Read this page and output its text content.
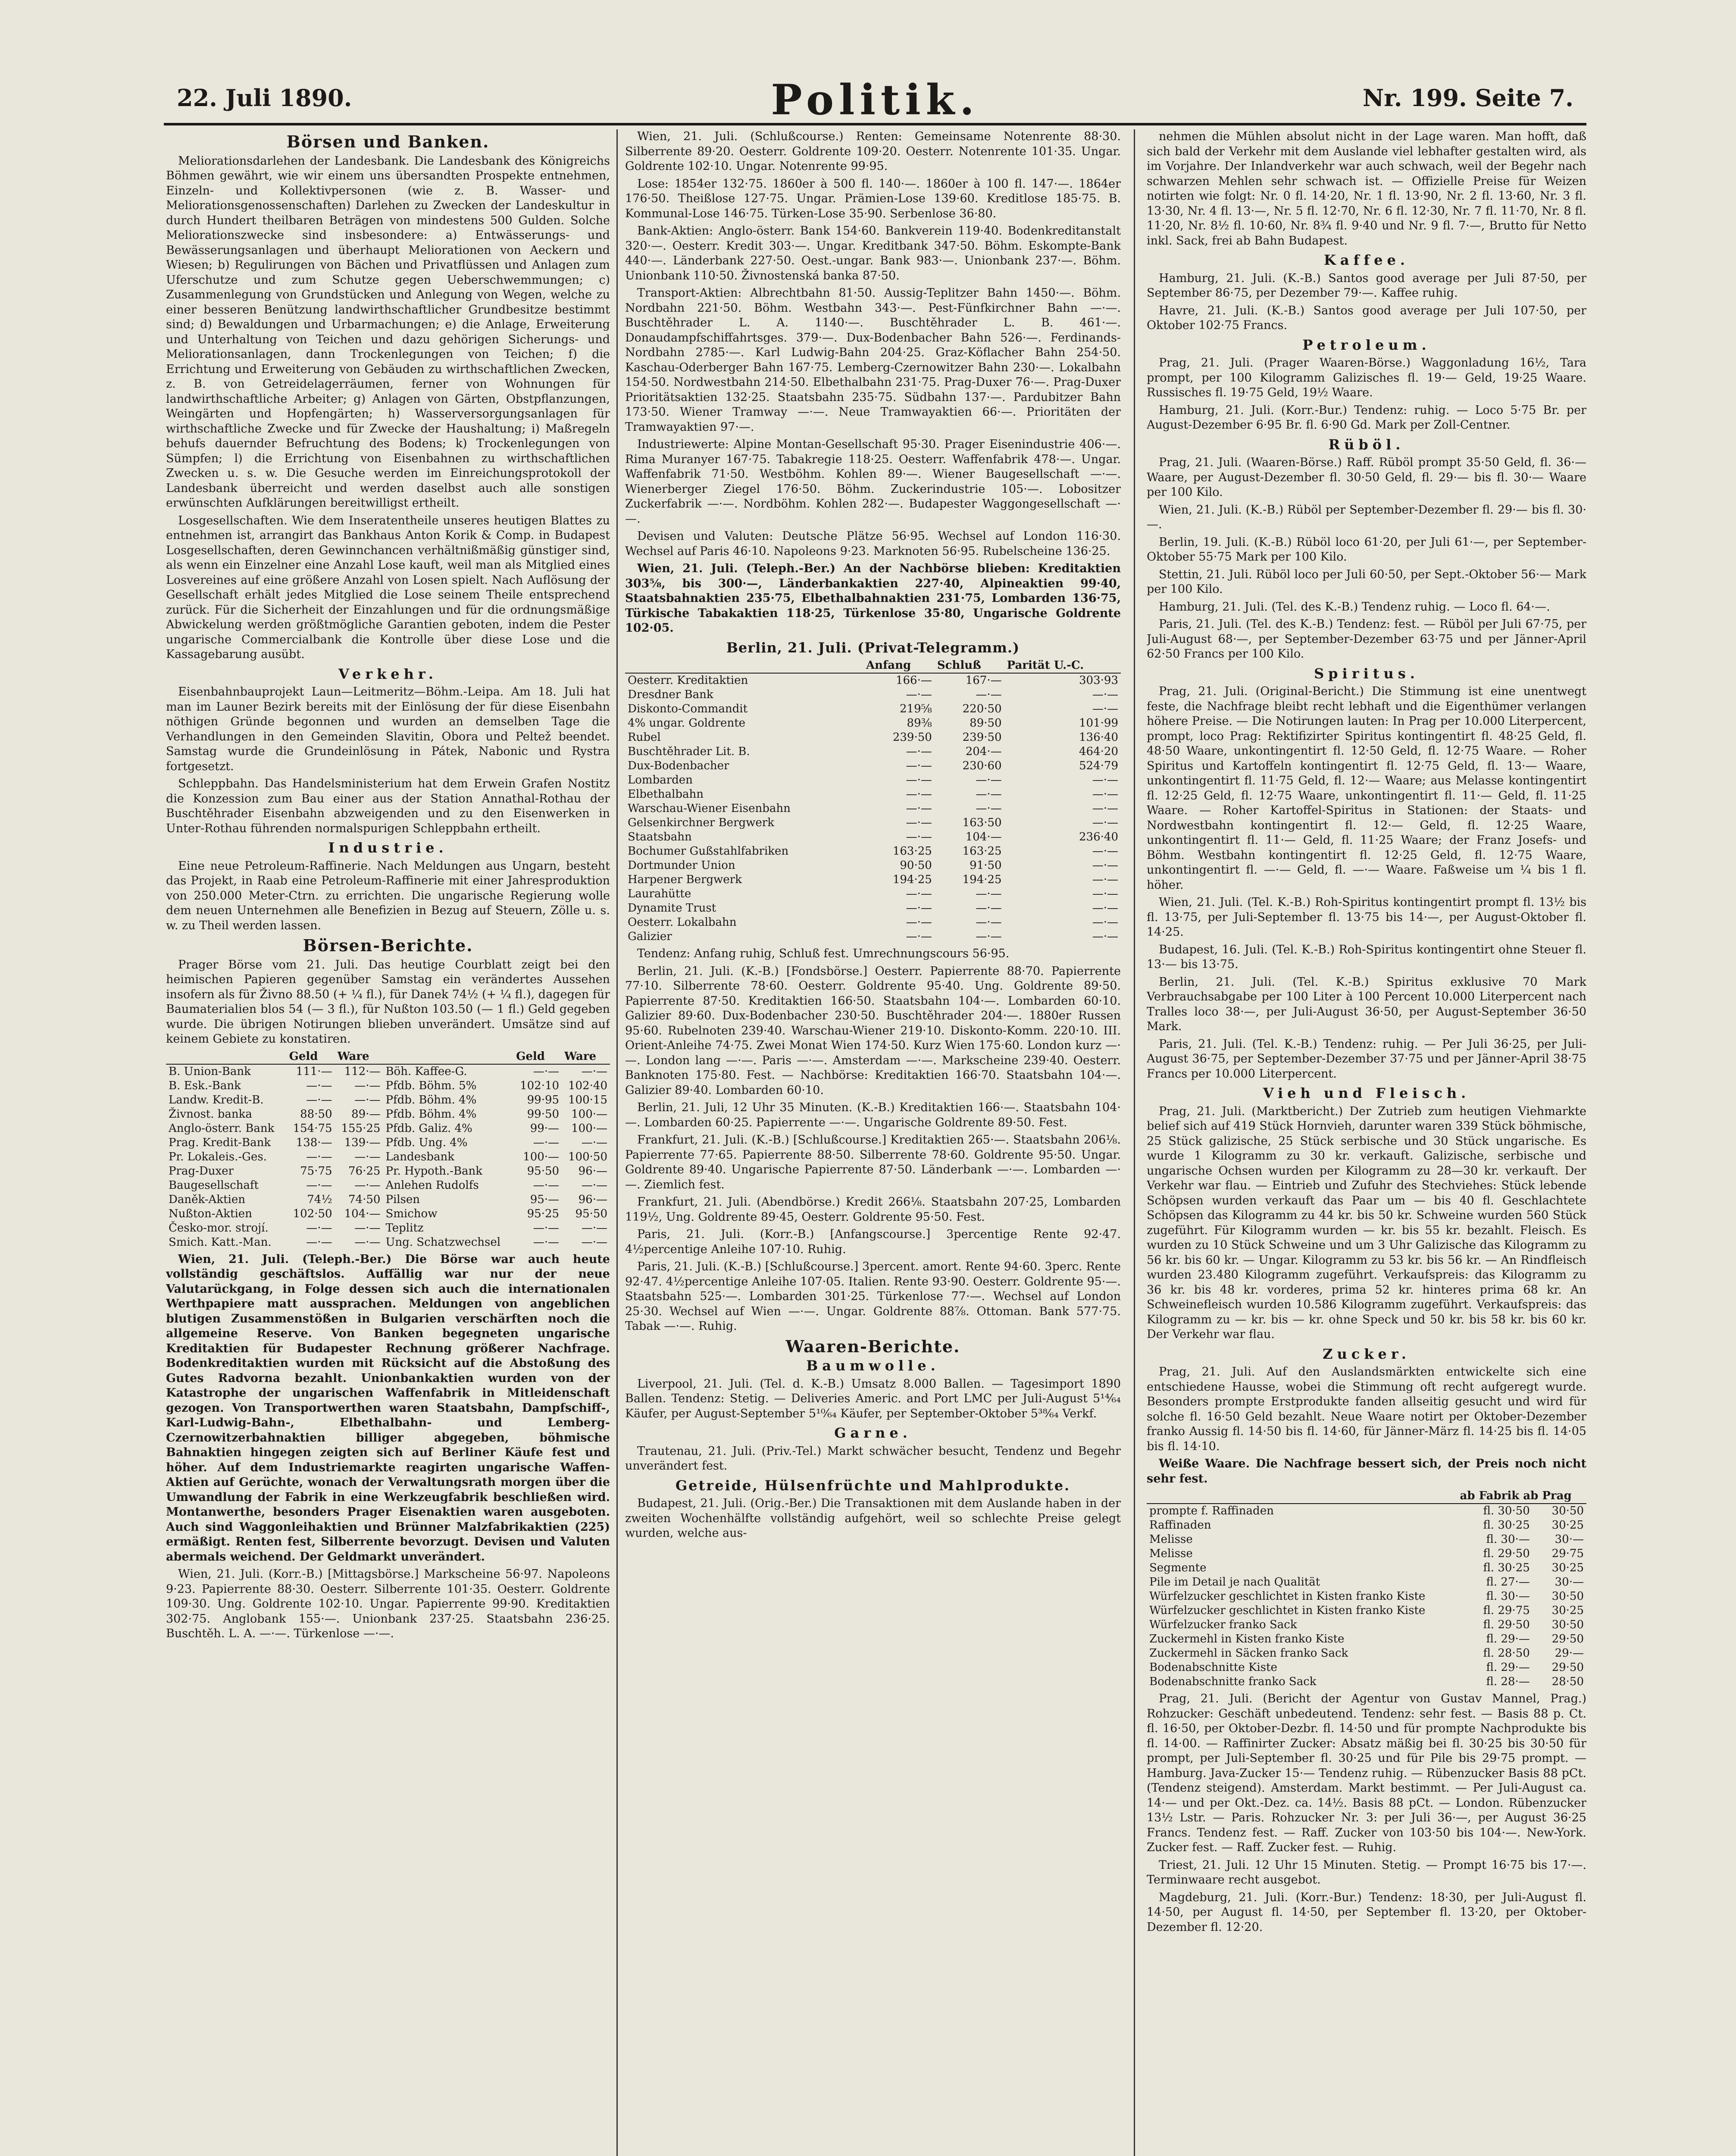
22. Juli 1890.	Politik.	Nr. 199. Seite 7.
Börsen und Banken.

Meliorationsdarlehen der Landesbank. Die Landesbank des Königreichs Böhmen gewährt, wie wir einem uns übersandten Prospekte entnehmen, Einzeln- und Kollektivpersonen (wie z. B. Wasser- und Meliorationsgenossenschaften) Darlehen zu Zwecken der Landeskultur in durch Hundert theilbaren Beträgen von mindestens 500 Gulden. Solche Meliorationszwecke sind insbesondere: a) Entwässerungs- und Bewässerungsanlagen und überhaupt Meliorationen von Aeckern und Wiesen; b) Regulirungen von Bächen und Privatflüssen und Anlagen zum Uferschutze und zum Schutze gegen Ueberschwemmungen; c) Zusammenlegung von Grundstücken und Anlegung von Wegen, welche zu einer besseren Benützung landwirthschaftlicher Grundbesitze bestimmt sind; d) Bewaldungen und Urbarmachungen; e) die Anlage, Erweiterung und Unterhaltung von Teichen und dazu gehörigen Sicherungs- und Meliorationsanlagen, dann Trockenlegungen von Teichen; f) die Errichtung und Erweiterung von Gebäuden zu wirthschaftlichen Zwecken, z. B. von Getreidelagerräumen, ferner von Wohnungen für landwirthschaftliche Arbeiter; g) Anlagen von Gärten, Obstpflanzungen, Weingärten und Hopfengärten; h) Wasserversorgungsanlagen für wirthschaftliche Zwecke und für Zwecke der Haushaltung; i) Maßregeln behufs dauernder Befruchtung des Bodens; k) Trockenlegungen von Sümpfen; l) die Errichtung von Eisenbahnen zu wirthschaftlichen Zwecken u. s. w. Die Gesuche werden im Einreichungsprotokoll der Landesbank überreicht und werden daselbst auch alle sonstigen erwünschten Aufklärungen bereitwilligst ertheilt.

Losgesellschaften. Wie dem Inseratentheile unseres heutigen Blattes zu entnehmen ist, arrangirt das Bankhaus Anton Korik & Comp. in Budapest Losgesellschaften, deren Gewinnchancen verhältnißmäßig günstiger sind, als wenn ein Einzelner eine Anzahl Lose kauft, weil man als Mitglied eines Losvereines auf eine größere Anzahl von Losen spielt. Nach Auflösung der Gesellschaft erhält jedes Mitglied die Lose seinem Theile entsprechend zurück. Für die Sicherheit der Einzahlungen und für die ordnungsmäßige Abwickelung werden größtmögliche Garantien geboten, indem die Pester ungarische Commercialbank die Kontrolle über diese Lose und die Kassagebarung ausübt.

Verkehr.

Eisenbahnbauprojekt Laun—Leitmeritz—Böhm.-Leipa. Am 18. Juli hat man im Launer Bezirk bereits mit der Einlösung der für diese Eisenbahn nöthigen Gründe begonnen und wurden an demselben Tage die Verhandlungen in den Gemeinden Slavitin, Obora und Peltež beendet. Samstag wurde die Grundeinlösung in Pátek, Nabonic und Rystra fortgesetzt.

Schleppbahn. Das Handelsministerium hat dem Erwein Grafen Nostitz die Konzession zum Bau einer aus der Station Annathal-Rothau der Buschtěhrader Eisenbahn abzweigenden und zu den Eisenwerken in Unter-Rothau führenden normalspurigen Schleppbahn ertheilt.

Industrie.

Eine neue Petroleum-Raffinerie. Nach Meldungen aus Ungarn, besteht das Projekt, in Raab eine Petroleum-Raffinerie mit einer Jahresproduktion von 250.000 Meter-Ctrn. zu errichten. Die ungarische Regierung wolle dem neuen Unternehmen alle Benefizien in Bezug auf Steuern, Zölle u. s. w. zu Theil werden lassen.

Börsen-Berichte.

Prager Börse vom 21. Juli. Das heutige Courblatt zeigt bei den heimischen Papieren gegenüber Samstag ein verändertes Aussehen insofern als für Živno 88.50 (+ ¼ fl.), für Danek 74½ (+ ¼ fl.), dagegen für Baumaterialien blos 54 (— 3 fl.), für Nußton 103.50 (— 1 fl.) Geld gegeben wurde. Die übrigen Notirungen blieben unverändert. Umsätze sind auf keinem Gebiete zu konstatiren.

	Geld	Ware		Geld	Ware
B. Union-Bank	111·—	112·—	Böh. Kaffee-G.	—·—	—·—
B. Esk.-Bank	—·—	—·—	Pfdb. Böhm. 5%	102·10	102·40
Landw. Kredit-B.	—·—	—·—	Pfdb. Böhm. 4%	99·95	100·15
Živnost. banka	88·50	89·—	Pfdb. Böhm. 4%	99·50	100·—
Anglo-österr. Bank	154·75	155·25	Pfdb. Galiz. 4%	99·—	100·—
Prag. Kredit-Bank	138·—	139·—	Pfdb. Ung. 4%	—·—	—·—
Pr. Lokaleis.-Ges.	—·—	—·—	Landesbank	100·—	100·50
Prag-Duxer	75·75	76·25	Pr. Hypoth.-Bank	95·50	96·—
Baugesellschaft	—·—	—·—	Anlehen Rudolfs	—·—	—·—
Daněk-Aktien	74½	74·50	Pilsen	95·—	96·—
Nußton-Aktien	102·50	104·—	Smichow	95·25	95·50
Česko-mor. strojí.	—·—	—·—	Teplitz	—·—	—·—
Smich. Katt.-Man.	—·—	—·—	Ung. Schatzwechsel	—·—	—·—

Wien, 21. Juli. (Teleph.-Ber.) Die Börse war auch heute vollständig geschäftslos. Auffällig war nur der neue Valutarückgang, in Folge dessen sich auch die internationalen Werthpapiere matt aussprachen. Meldungen von angeblichen blutigen Zusammenstößen in Bulgarien verschärften noch die allgemeine Reserve. Von Banken begegneten ungarische Kreditaktien für Budapester Rechnung größerer Nachfrage. Bodenkreditaktien wurden mit Rücksicht auf die Abstoßung des Gutes Radvorna bezahlt. Unionbankaktien wurden von der Katastrophe der ungarischen Waffenfabrik in Mitleidenschaft gezogen. Von Transportwerthen waren Staatsbahn, Dampfschiff-, Karl-Ludwig-Bahn-, Elbethalbahn- und Lemberg-Czernowitzerbahnaktien billiger abgegeben, böhmische Bahnaktien hingegen zeigten sich auf Berliner Käufe fest und höher. Auf dem Industriemarkte reagirten ungarische Waffen-Aktien auf Gerüchte, wonach der Verwaltungsrath morgen über die Umwandlung der Fabrik in eine Werkzeugfabrik beschließen wird. Montanwerthe, besonders Prager Eisenaktien waren ausgeboten. Auch sind Waggonleihaktien und Brünner Malzfabrikaktien (225) ermäßigt. Renten fest, Silberrente bevorzugt. Devisen und Valuten abermals weichend. Der Geldmarkt unverändert.

Wien, 21. Juli. (Korr.-B.) [Mittagsbörse.] Markscheine 56·97. Napoleons 9·23. Papierrente 88·30. Oesterr. Silberrente 101·35. Oesterr. Goldrente 109·30. Ung. Goldrente 102·10. Ungar. Papierrente 99·90. Kreditaktien 302·75. Anglobank 155·—. Unionbank 237·25. Staatsbahn 236·25. Buschtěh. L. A. —·—. Türkenlose —·—.

Wien, 21. Juli. (Schlußcourse.) Renten: Gemeinsame Notenrente 88·30. Silberrente 89·20. Oesterr. Goldrente 109·20. Oesterr. Notenrente 101·35. Ungar. Goldrente 102·10. Ungar. Notenrente 99·95.

Lose: 1854er 132·75. 1860er à 500 fl. 140·—. 1860er à 100 fl. 147·—. 1864er 176·50. Theißlose 127·75. Ungar. Prämien-Lose 139·60. Kreditlose 185·75. B. Kommunal-Lose 146·75. Türken-Lose 35·90. Serbenlose 36·80.

Bank-Aktien: Anglo-österr. Bank 154·60. Bankverein 119·40. Bodenkreditanstalt 320·—. Oesterr. Kredit 303·—. Ungar. Kreditbank 347·50. Böhm. Eskompte-Bank 440·—. Länderbank 227·50. Oest.-ungar. Bank 983·—. Unionbank 237·—. Böhm. Unionbank 110·50. Živnostenská banka 87·50.

Transport-Aktien: Albrechtbahn 81·50. Aussig-Teplitzer Bahn 1450·—. Böhm. Nordbahn 221·50. Böhm. Westbahn 343·—. Pest-Fünfkirchner Bahn —·—. Buschtěhrader L. A. 1140·—. Buschtěhrader L. B. 461·—. Donaudampfschiffahrtsges. 379·—. Dux-Bodenbacher Bahn 526·—. Ferdinands-Nordbahn 2785·—. Karl Ludwig-Bahn 204·25. Graz-Köflacher Bahn 254·50. Kaschau-Oderberger Bahn 167·75. Lemberg-Czernowitzer Bahn 230·—. Lokalbahn 154·50. Nordwestbahn 214·50. Elbethalbahn 231·75. Prag-Duxer 76·—. Prag-Duxer Prioritätsaktien 132·25. Staatsbahn 235·75. Südbahn 137·—. Pardubitzer Bahn 173·50. Wiener Tramway —·—. Neue Tramwayaktien 66·—. Prioritäten der Tramwayaktien 97·—.

Industriewerte: Alpine Montan-Gesellschaft 95·30. Prager Eisenindustrie 406·—. Rima Muranyer 167·75. Tabakregie 118·25. Oesterr. Waffenfabrik 478·—. Ungar. Waffenfabrik 71·50. Westböhm. Kohlen 89·—. Wiener Baugesellschaft —·—. Wienerberger Ziegel 176·50. Böhm. Zuckerindustrie 105·—. Lobositzer Zuckerfabrik —·—. Nordböhm. Kohlen 282·—. Budapester Waggongesellschaft —·—.

Devisen und Valuten: Deutsche Plätze 56·95. Wechsel auf London 116·30. Wechsel auf Paris 46·10. Napoleons 9·23. Marknoten 56·95. Rubelscheine 136·25.

Wien, 21. Juli. (Teleph.-Ber.) An der Nachbörse blieben: Kreditaktien 303⅝, bis 300·—, Länderbankaktien 227·40, Alpineaktien 99·40, Staatsbahnaktien 235·75, Elbethalbahnaktien 231·75, Lombarden 136·75, Türkische Tabakaktien 118·25, Türkenlose 35·80, Ungarische Goldrente 102·05.

Berlin, 21. Juli. (Privat-Telegramm.)
	Anfang	Schluß	Parität U.-C.
Oesterr. Kreditaktien	166·—	167·—	303·93
Dresdner Bank	—·—	—·—	—·—
Diskonto-Commandit	219⅝	220·50	—·—
4% ungar. Goldrente	89⅜	89·50	101·99
Rubel	239·50	239·50	136·40
Buschtěhrader Lit. B.	—·—	204·—	464·20
Dux-Bodenbacher	—·—	230·60	524·79
Lombarden	—·—	—·—	—·—
Elbethalbahn	—·—	—·—	—·—
Warschau-Wiener Eisenbahn	—·—	—·—	—·—
Gelsenkirchner Bergwerk	—·—	163·50	—·—
Staatsbahn	—·—	104·—	236·40
Bochumer Gußstahlfabriken	163·25	163·25	—·—
Dortmunder Union	90·50	91·50	—·—
Harpener Bergwerk	194·25	194·25	—·—
Laurahütte	—·—	—·—	—·—
Dynamite Trust	—·—	—·—	—·—
Oesterr. Lokalbahn	—·—	—·—	—·—
Galizier	—·—	—·—	—·—

Tendenz: Anfang ruhig, Schluß fest. Umrechnungscours 56·95.

Berlin, 21. Juli. (K.-B.) [Fondsbörse.] Oesterr. Papierrente 88·70. Papierrente 77·10. Silberrente 78·60. Oesterr. Goldrente 95·40. Ung. Goldrente 89·50. Papierrente 87·50. Kreditaktien 166·50. Staatsbahn 104·—. Lombarden 60·10. Galizier 89·60. Dux-Bodenbacher 230·50. Buschtěhrader 204·—. 1880er Russen 95·60. Rubelnoten 239·40. Warschau-Wiener 219·10. Diskonto-Komm. 220·10. III. Orient-Anleihe 74·75. Zwei Monat Wien 174·50. Kurz Wien 175·60. London kurz —·—. London lang —·—. Paris —·—. Amsterdam —·—. Markscheine 239·40. Oesterr. Banknoten 175·80. Fest. — Nachbörse: Kreditaktien 166·70. Staatsbahn 104·—. Galizier 89·40. Lombarden 60·10.

Berlin, 21. Juli, 12 Uhr 35 Minuten. (K.-B.) Kreditaktien 166·—. Staatsbahn 104·—. Lombarden 60·25. Papierrente —·—. Ungarische Goldrente 89·50. Fest.

Frankfurt, 21. Juli. (K.-B.) [Schlußcourse.] Kreditaktien 265·—. Staatsbahn 206⅛. Papierrente 77·65. Papierrente 88·50. Silberrente 78·60. Goldrente 95·50. Ungar. Goldrente 89·40. Ungarische Papierrente 87·50. Länderbank —·—. Lombarden —·—. Ziemlich fest.

Frankfurt, 21. Juli. (Abendbörse.) Kredit 266⅛. Staatsbahn 207·25, Lombarden 119½, Ung. Goldrente 89·45, Oesterr. Goldrente 95·50. Fest.

Paris, 21. Juli. (Korr.-B.) [Anfangscourse.] 3percentige Rente 92·47. 4½percentige Anleihe 107·10. Ruhig.

Paris, 21. Juli. (K.-B.) [Schlußcourse.] 3percent. amort. Rente 94·60. 3perc. Rente 92·47. 4½percentige Anleihe 107·05. Italien. Rente 93·90. Oesterr. Goldrente 95·—. Staatsbahn 525·—. Lombarden 301·25. Türkenlose 77·—. Wechsel auf London 25·30. Wechsel auf Wien —·—. Ungar. Goldrente 88⅞. Ottoman. Bank 577·75. Tabak —·—. Ruhig.

Waaren-Berichte.
Baumwolle.

Liverpool, 21. Juli. (Tel. d. K.-B.) Umsatz 8.000 Ballen. — Tagesimport 1890 Ballen. Tendenz: Stetig. — Deliveries Americ. and Port LMC per Juli-August 5¹⁴⁄₆₄ Käufer, per August-September 5¹⁰⁄₆₄ Käufer, per September-Oktober 5³⁸⁄₆₄ Verkf.

Garne.

Trautenau, 21. Juli. (Priv.-Tel.) Markt schwächer besucht, Tendenz und Begehr unverändert fest.

Getreide, Hülsenfrüchte und Mahlprodukte.

Budapest, 21. Juli. (Orig.-Ber.) Die Transaktionen mit dem Auslande haben in der zweiten Wochenhälfte vollständig aufgehört, weil so schlechte Preise gelegt wurden, welche aus-

nehmen die Mühlen absolut nicht in der Lage waren. Man hofft, daß sich bald der Verkehr mit dem Auslande viel lebhafter gestalten wird, als im Vorjahre. Der Inlandverkehr war auch schwach, weil der Begehr nach schwarzen Mehlen sehr schwach ist. — Offizielle Preise für Weizen notirten wie folgt: Nr. 0 fl. 14·20, Nr. 1 fl. 13·90, Nr. 2 fl. 13·60, Nr. 3 fl. 13·30, Nr. 4 fl. 13·—, Nr. 5 fl. 12·70, Nr. 6 fl. 12·30, Nr. 7 fl. 11·70, Nr. 8 fl. 11·20, Nr. 8½ fl. 10·60, Nr. 8¾ fl. 9·40 und Nr. 9 fl. 7·—, Brutto für Netto inkl. Sack, frei ab Bahn Budapest.

Kaffee.

Hamburg, 21. Juli. (K.-B.) Santos good average per Juli 87·50, per September 86·75, per Dezember 79·—. Kaffee ruhig.

Havre, 21. Juli. (K.-B.) Santos good average per Juli 107·50, per Oktober 102·75 Francs.

Petroleum.

Prag, 21. Juli. (Prager Waaren-Börse.) Waggonladung 16½, Tara prompt, per 100 Kilogramm Galizisches fl. 19·— Geld, 19·25 Waare. Russisches fl. 19·75 Geld, 19½ Waare.

Hamburg, 21. Juli. (Korr.-Bur.) Tendenz: ruhig. — Loco 5·75 Br. per August-Dezember 6·95 Br. fl. 6·90 Gd. Mark per Zoll-Centner.

Rüböl.

Prag, 21. Juli. (Waaren-Börse.) Raff. Rüböl prompt 35·50 Geld, fl. 36·— Waare, per August-Dezember fl. 30·50 Geld, fl. 29·— bis fl. 30·— Waare per 100 Kilo.

Wien, 21. Juli. (K.-B.) Rüböl per September-Dezember fl. 29·— bis fl. 30·—.

Berlin, 19. Juli. (K.-B.) Rüböl loco 61·20, per Juli 61·—, per September-Oktober 55·75 Mark per 100 Kilo.

Stettin, 21. Juli. Rüböl loco per Juli 60·50, per Sept.-Oktober 56·— Mark per 100 Kilo.

Hamburg, 21. Juli. (Tel. des K.-B.) Tendenz ruhig. — Loco fl. 64·—.

Paris, 21. Juli. (Tel. des K.-B.) Tendenz: fest. — Rüböl per Juli 67·75, per Juli-August 68·—, per September-Dezember 63·75 und per Jänner-April 62·50 Francs per 100 Kilo.

Spiritus.

Prag, 21. Juli. (Original-Bericht.) Die Stimmung ist eine unentwegt feste, die Nachfrage bleibt recht lebhaft und die Eigenthümer verlangen höhere Preise. — Die Notirungen lauten: In Prag per 10.000 Literpercent, prompt, loco Prag: Rektifizirter Spiritus kontingentirt fl. 48·25 Geld, fl. 48·50 Waare, unkontingentirt fl. 12·50 Geld, fl. 12·75 Waare. — Roher Spiritus und Kartoffeln kontingentirt fl. 12·75 Geld, fl. 13·— Waare, unkontingentirt fl. 11·75 Geld, fl. 12·— Waare; aus Melasse kontingentirt fl. 12·25 Geld, fl. 12·75 Waare, unkontingentirt fl. 11·— Geld, fl. 11·25 Waare. — Roher Kartoffel-Spiritus in Stationen: der Staats- und Nordwestbahn kontingentirt fl. 12·— Geld, fl. 12·25 Waare, unkontingentirt fl. 11·— Geld, fl. 11·25 Waare; der Franz Josefs- und Böhm. Westbahn kontingentirt fl. 12·25 Geld, fl. 12·75 Waare, unkontingentirt fl. —·— Geld, fl. —·— Waare. Faßweise um ¼ bis 1 fl. höher.

Wien, 21. Juli. (Tel. K.-B.) Roh-Spiritus kontingentirt prompt fl. 13½ bis fl. 13·75, per Juli-September fl. 13·75 bis 14·—, per August-Oktober fl. 14·25.

Budapest, 16. Juli. (Tel. K.-B.) Roh-Spiritus kontingentirt ohne Steuer fl. 13·— bis 13·75.

Berlin, 21. Juli. (Tel. K.-B.) Spiritus exklusive 70 Mark Verbrauchsabgabe per 100 Liter à 100 Percent 10.000 Literpercent nach Tralles loco 38·—, per Juli-August 36·50, per August-September 36·50 Mark.

Paris, 21. Juli. (Tel. K.-B.) Tendenz: ruhig. — Per Juli 36·25, per Juli-August 36·75, per September-Dezember 37·75 und per Jänner-April 38·75 Francs per 10.000 Literpercent.

Vieh und Fleisch.

Prag, 21. Juli. (Marktbericht.) Der Zutrieb zum heutigen Viehmarkte belief sich auf 419 Stück Hornvieh, darunter waren 339 Stück böhmische, 25 Stück galizische, 25 Stück serbische und 30 Stück ungarische. Es wurde 1 Kilogramm zu 30 kr. verkauft. Galizische, serbische und ungarische Ochsen wurden per Kilogramm zu 28—30 kr. verkauft. Der Verkehr war flau. — Eintrieb und Zufuhr des Stechviehes: Stück lebende Schöpsen wurden verkauft das Paar um — bis 40 fl. Geschlachtete Schöpsen das Kilogramm zu 44 kr. bis 50 kr. Schweine wurden 560 Stück zugeführt. Für Kilogramm wurden — kr. bis 55 kr. bezahlt. Fleisch. Es wurden zu 10 Stück Schweine und um 3 Uhr Galizische das Kilogramm zu 56 kr. bis 60 kr. — Ungar. Kilogramm zu 53 kr. bis 56 kr. — An Rindfleisch wurden 23.480 Kilogramm zugeführt. Verkaufspreis: das Kilogramm zu 36 kr. bis 48 kr. vorderes, prima 52 kr. hinteres prima 68 kr. An Schweinefleisch wurden 10.586 Kilogramm zugeführt. Verkaufspreis: das Kilogramm zu — kr. bis — kr. ohne Speck und 50 kr. bis 58 kr. bis 60 kr. Der Verkehr war flau.

Zucker.

Prag, 21. Juli. Auf den Auslandsmärkten entwickelte sich eine entschiedene Hausse, wobei die Stimmung oft recht aufgeregt wurde. Besonders prompte Erstprodukte fanden allseitig gesucht und wird für solche fl. 16·50 Geld bezahlt. Neue Waare notirt per Oktober-Dezember franko Aussig fl. 14·50 bis fl. 14·60, für Jänner-März fl. 14·25 bis fl. 14·05 bis fl. 14·10.

Weiße Waare. Die Nachfrage bessert sich, der Preis noch nicht sehr fest.

	ab Fabrik ab Prag	
prompte f. Raffinaden	fl. 30·50	30·50
Raffinaden	fl. 30·25	30·25
Melisse	fl. 30·—	30·—
Melisse	fl. 29·50	29·75
Segmente	fl. 30·25	30·25
Pile im Detail je nach Qualität	fl. 27·—	30·—
Würfelzucker geschlichtet in Kisten franko Kiste	fl. 30·—	30·50
Würfelzucker geschlichtet in Kisten franko Kiste	fl. 29·75	30·25
Würfelzucker franko Sack	fl. 29·50	30·50
Zuckermehl in Kisten franko Kiste	fl. 29·—	29·50
Zuckermehl in Säcken franko Sack	fl. 28·50	29·—
Bodenabschnitte Kiste	fl. 29·—	29·50
Bodenabschnitte franko Sack	fl. 28·—	28·50

Prag, 21. Juli. (Bericht der Agentur von Gustav Mannel, Prag.) Rohzucker: Geschäft unbedeutend. Tendenz: sehr fest. — Basis 88 p. Ct. fl. 16·50, per Oktober-Dezbr. fl. 14·50 und für prompte Nachprodukte bis fl. 14·00. — Raffinirter Zucker: Absatz mäßig bei fl. 30·25 bis 30·50 für prompt, per Juli-September fl. 30·25 und für Pile bis 29·75 prompt. — Hamburg. Java-Zucker 15·— Tendenz ruhig. — Rübenzucker Basis 88 pCt. (Tendenz steigend). Amsterdam. Markt bestimmt. — Per Juli-August ca. 14·— und per Okt.-Dez. ca. 14½. Basis 88 pCt. — London. Rübenzucker 13½ Lstr. — Paris. Rohzucker Nr. 3: per Juli 36·—, per August 36·25 Francs. Tendenz fest. — Raff. Zucker von 103·50 bis 104·—. New-York. Zucker fest. — Raff. Zucker fest. — Ruhig.

Triest, 21. Juli. 12 Uhr 15 Minuten. Stetig. — Prompt 16·75 bis 17·—. Terminwaare recht ausgebot.

Magdeburg, 21. Juli. (Korr.-Bur.) Tendenz: 18·30, per Juli-August fl. 14·50, per August fl. 14·50, per September fl. 13·20, per Oktober-Dezember fl. 12·20.
